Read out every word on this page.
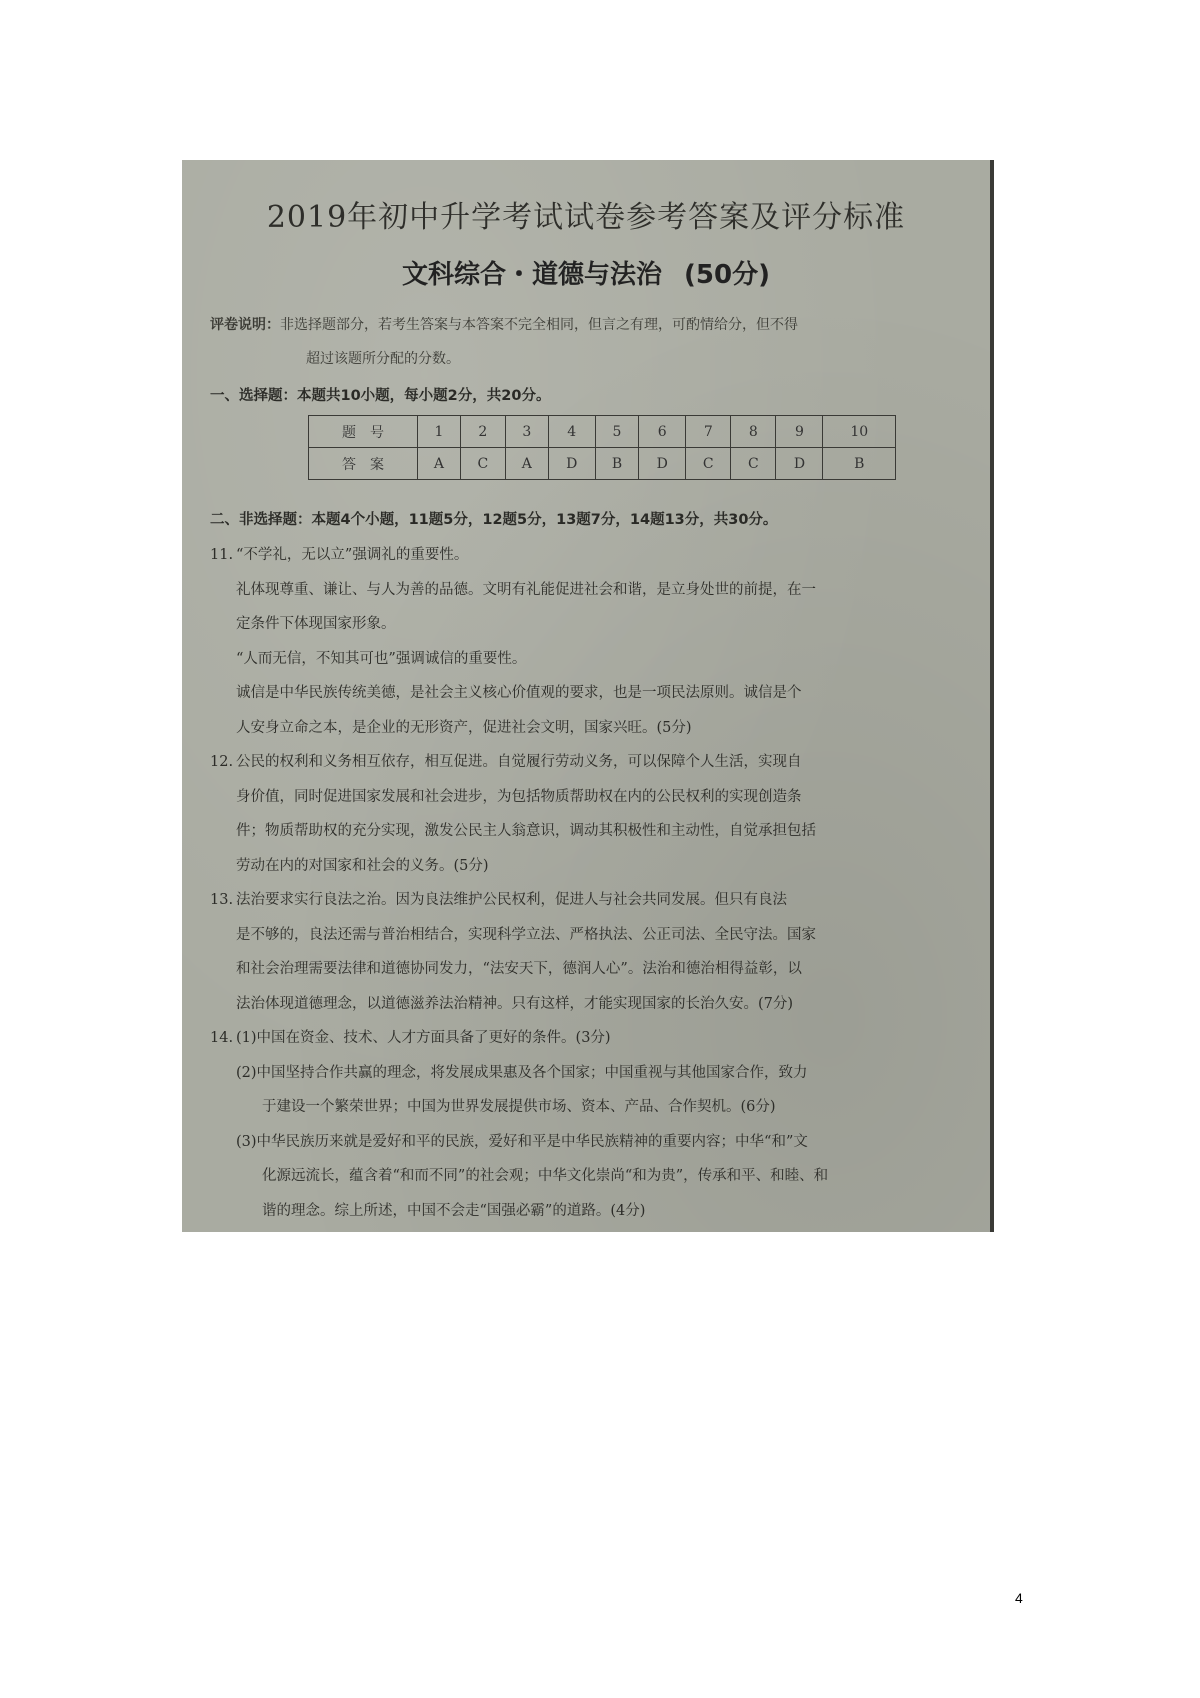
2019年初中升学考试试卷参考答案及评分标准
文科综合・道德与法治 (50分)
评卷说明：非选择题部分，若考生答案与本答案不完全相同，但言之有理，可酌情给分，但不得
超过该题所分配的分数。
一、选择题：本题共10小题，每小题2分，共20分。
题号	1	2	3	4	5	6	7	8	9	10
答案	A	C	A	D	B	D	C	C	D	B
二、非选择题：本题4个小题，11题5分，12题5分，13题7分，14题13分，共30分。
11. “不学礼，无以立”强调礼的重要性。

礼体现尊重、谦让、与人为善的品德。文明有礼能促进社会和谐，是立身处世的前提，在一

定条件下体现国家形象。

“人而无信，不知其可也”强调诚信的重要性。

诚信是中华民族传统美德，是社会主义核心价值观的要求，也是一项民法原则。诚信是个

人安身立命之本，是企业的无形资产，促进社会文明，国家兴旺。(5分)

12. 公民的权利和义务相互依存，相互促进。自觉履行劳动义务，可以保障个人生活，实现自

身价值，同时促进国家发展和社会进步，为包括物质帮助权在内的公民权利的实现创造条

件；物质帮助权的充分实现，激发公民主人翁意识，调动其积极性和主动性，自觉承担包括

劳动在内的对国家和社会的义务。(5分)

13. 法治要求实行良法之治。因为良法维护公民权利，促进人与社会共同发展。但只有良法

是不够的，良法还需与普治相结合，实现科学立法、严格执法、公正司法、全民守法。国家

和社会治理需要法律和道德协同发力，“法安天下，德润人心”。法治和德治相得益彰，以

法治体现道德理念，以道德滋养法治精神。只有这样，才能实现国家的长治久安。(7分)

14. (1)中国在资金、技术、人才方面具备了更好的条件。(3分)

(2)中国坚持合作共赢的理念，将发展成果惠及各个国家；中国重视与其他国家合作，致力

于建设一个繁荣世界；中国为世界发展提供市场、资本、产品、合作契机。(6分)

(3)中华民族历来就是爱好和平的民族，爱好和平是中华民族精神的重要内容；中华“和”文

化源远流长，蕴含着“和而不同”的社会观；中华文化崇尚“和为贵”，传承和平、和睦、和

谐的理念。综上所述，中国不会走“国强必霸”的道路。(4分)

4
